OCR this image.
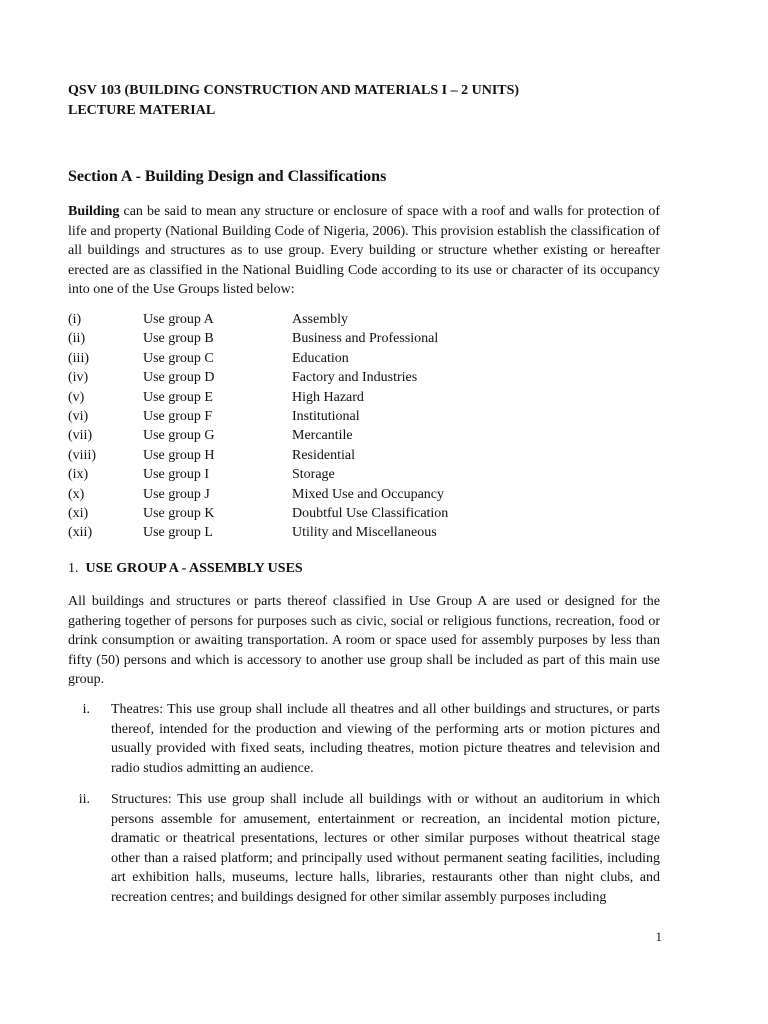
QSV 103 (BUILDING CONSTRUCTION AND MATERIALS I – 2 UNITS)
LECTURE MATERIAL
Section A - Building Design and Classifications

Building can be said to mean any structure or enclosure of space with a roof and walls for protection of life and property (National Building Code of Nigeria, 2006). This provision establish the classification of all buildings and structures as to use group. Every building or structure whether existing or hereafter erected are as classified in the National Buidling Code according to its use or character of its occupancy into one of the Use Groups listed below:

(i)	Use group A	Assembly
(ii)	Use group B	Business and Professional
(iii)	Use group C	Education
(iv)	Use group D	Factory and Industries
(v)	Use group E	High Hazard
(vi)	Use group F	Institutional
(vii)	Use group G	Mercantile
(viii)	Use group H	Residential
(ix)	Use group I	Storage
(x)	Use group J	Mixed Use and Occupancy
(xi)	Use group K	Doubtful Use Classification
(xii)	Use group L	Utility and Miscellaneous
1. USE GROUP A - ASSEMBLY USES

All buildings and structures or parts thereof classified in Use Group A are used or designed for the gathering together of persons for purposes such as civic, social or religious functions, recreation, food or drink consumption or awaiting transportation. A room or space used for assembly purposes by less than fifty (50) persons and which is accessory to another use group shall be included as part of this main use group.

i. Theatres: This use group shall include all theatres and all other buildings and structures, or parts thereof, intended for the production and viewing of the performing arts or motion pictures and usually provided with fixed seats, including theatres, motion picture theatres and television and radio studios admitting an audience.
ii. Structures: This use group shall include all buildings with or without an auditorium in which persons assemble for amusement, entertainment or recreation, an incidental motion picture, dramatic or theatrical presentations, lectures or other similar purposes without theatrical stage other than a raised platform; and principally used without permanent seating facilities, including art exhibition halls, museums, lecture halls, libraries, restaurants other than night clubs, and recreation centres; and buildings designed for other similar assembly purposes including
1
